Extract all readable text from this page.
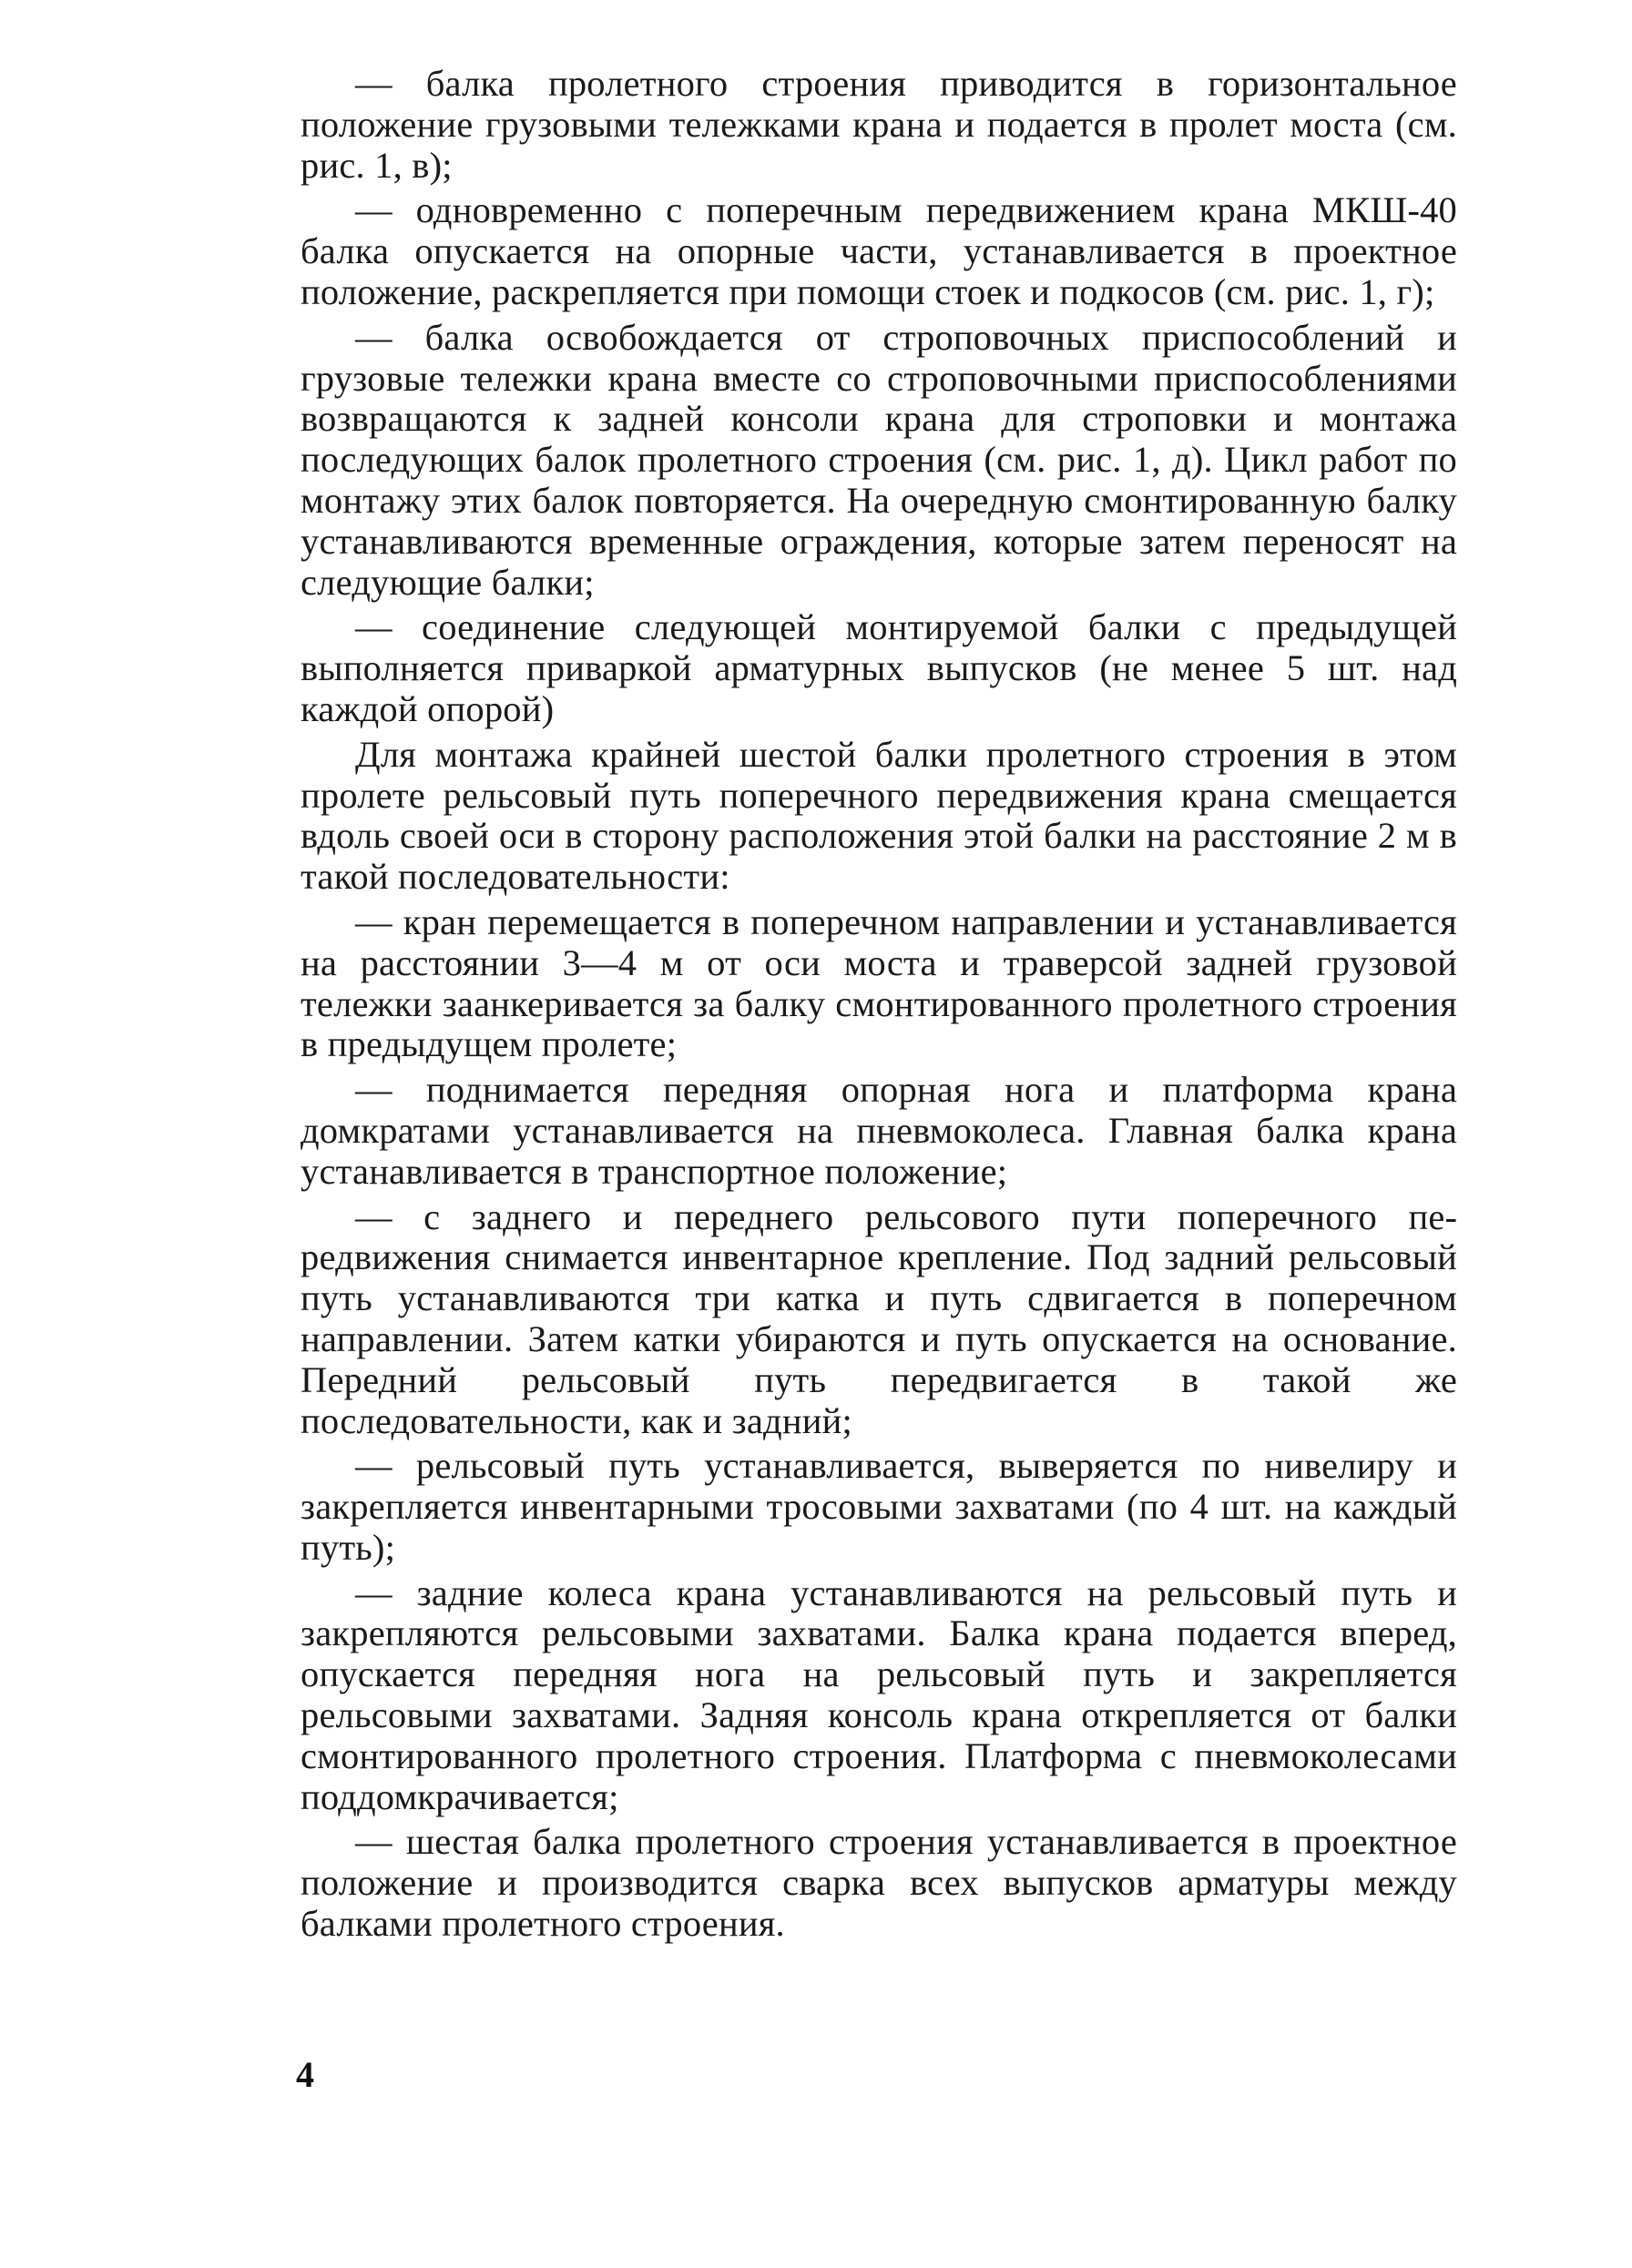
— балка пролетного строения приводится в горизонтальное положение грузовыми тележками крана и подается в пролет моста (см. рис. 1, в);

— одновременно с поперечным передвижением крана МКШ-40 балка опускается на опорные части, устанавливается в проектное положение, раскрепляется при помощи стоек и подкосов (см. рис. 1, г);

— балка освобождается от строповочных приспособлений и грузовые тележки крана вместе со строповочными приспособлениями возвращаются к задней консоли крана для строповки и монтажа последующих балок пролетного строения (см. рис. 1, д). Цикл работ по монтажу этих балок повторяется. На очередную смонтированную балку устанавливаются временные ограждения, которые затем переносят на следующие балки;

— соединение следующей монтируемой балки с предыдущей выполняется приваркой арматурных выпусков (не менее 5 шт. над каждой опорой)

Для монтажа крайней шестой балки пролетного строения в этом пролете рельсовый путь поперечного передвижения крана смещается вдоль своей оси в сторону расположения этой балки на расстояние 2 м в такой последовательности:

— кран перемещается в поперечном направлении и устанавливается на расстоянии 3—4 м от оси моста и траверсой задней грузовой тележки заанкеривается за балку смонтированного пролетного строения в предыдущем пролете;

— поднимается передняя опорная нога и платформа крана домкратами устанавливается на пневмоколеса. Главная балка крана устанавливается в транспортное положение;

— с заднего и переднего рельсового пути поперечного передвижения снимается инвентарное крепление. Под задний рельсовый путь устанавливаются три катка и путь сдвигается в поперечном направлении. Затем катки убираются и путь опускается на основание. Передний рельсовый путь передвигается в такой же последовательности, как и задний;

— рельсовый путь устанавливается, выверяется по нивелиру и закрепляется инвентарными тросовыми захватами (по 4 шт. на каждый путь);

— задние колеса крана устанавливаются на рельсовый путь и закрепляются рельсовыми захватами. Балка крана подается вперед, опускается передняя нога на рельсовый путь и закрепляется рельсовыми захватами. Задняя консоль крана открепляется от балки смонтированного пролетного строения. Платформа с пневмоколесами поддомкрачивается;

— шестая балка пролетного строения устанавливается в проектное положение и производится сварка всех выпусков арматуры между балками пролетного строения.

4
